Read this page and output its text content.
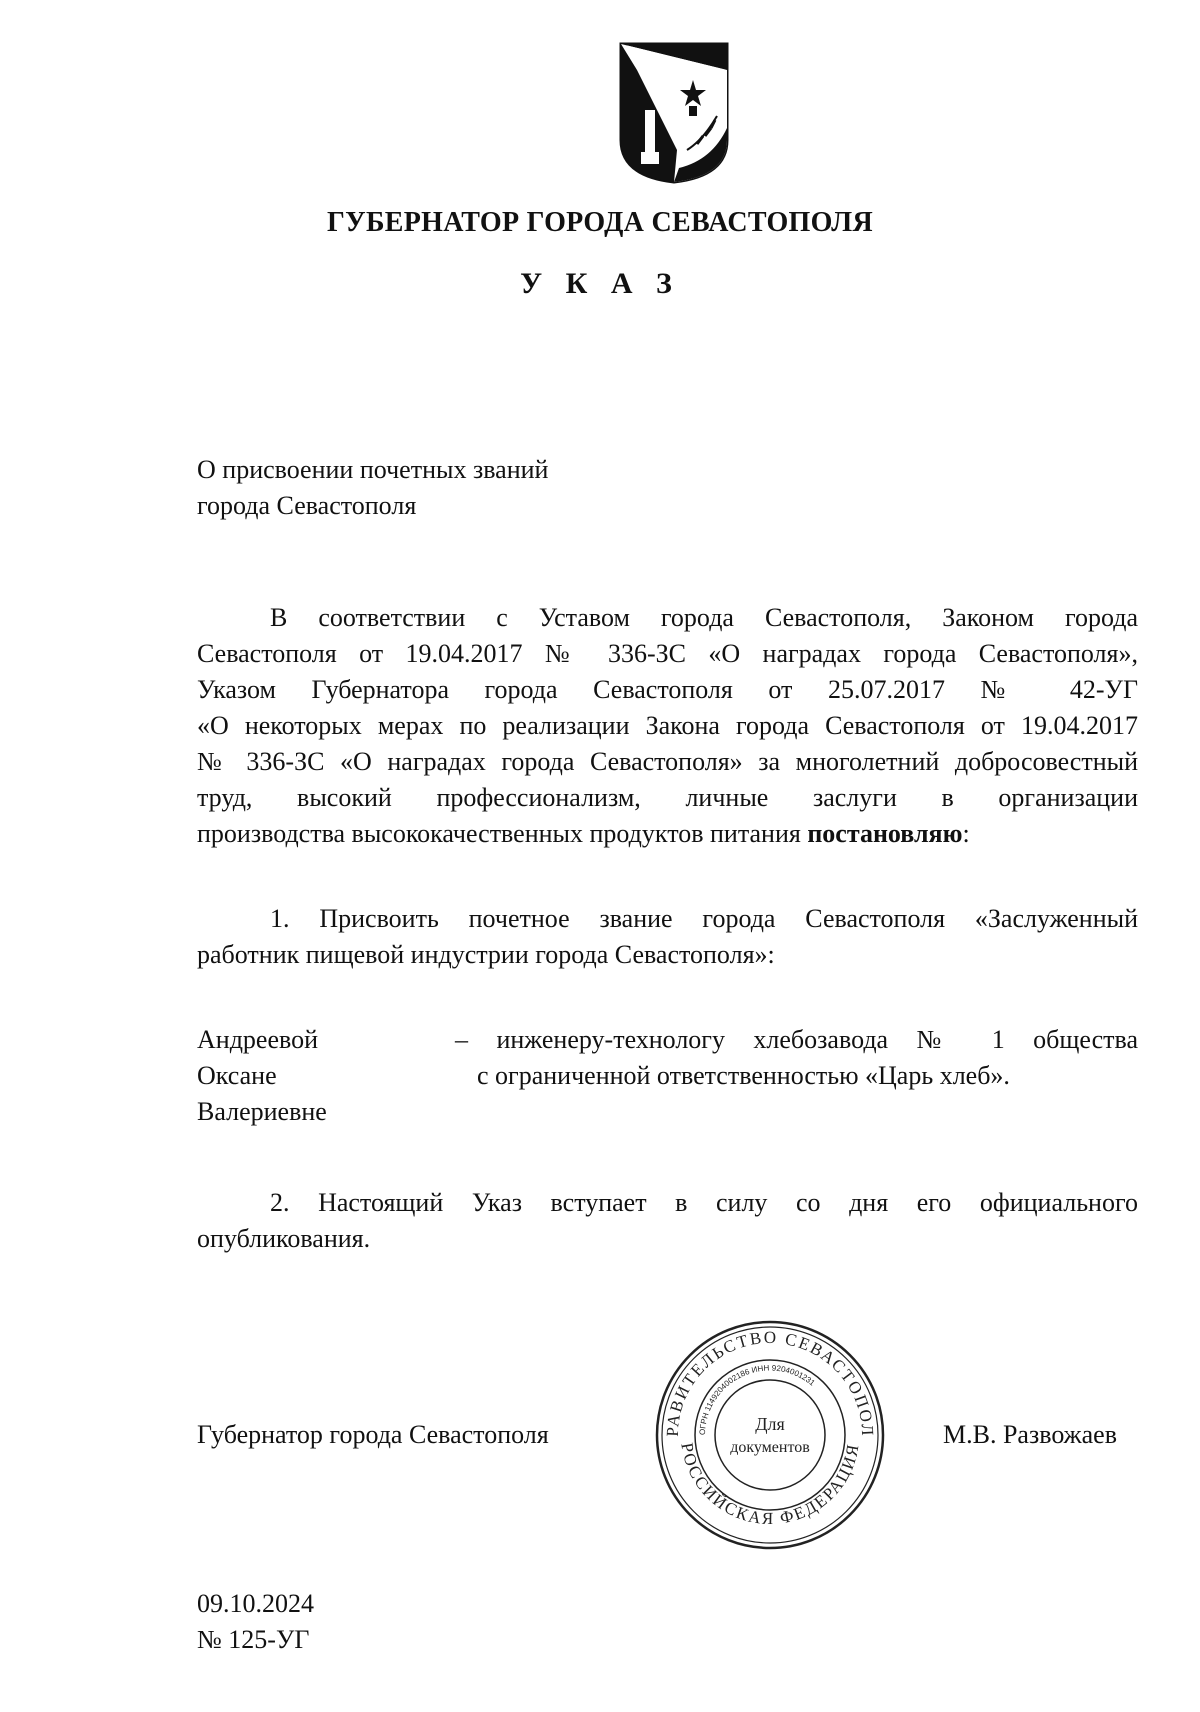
ГУБЕРНАТОР ГОРОДА СЕВАСТОПОЛЯ
У К А З
О присвоении почетных званий
города Севастополя
В соответствии с Уставом города Севастополя, Законом города
Севастополя от 19.04.2017 № 336-ЗС «О наградах города Севастополя»,
Указом Губернатора города Севастополя от 25.07.2017 № 42-УГ
«О некоторых мерах по реализации Закона города Севастополя от 19.04.2017
№ 336-ЗС «О наградах города Севастополя» за многолетний добросовестный
труд, высокий профессионализм, личные заслуги в организации
производства высококачественных продуктов питания постановляю:
1. Присвоить почетное звание города Севастополя «Заслуженный
работник пищевой индустрии города Севастополя»:
Андреевой
Оксане
Валериевне
– инженеру-технологу хлебозавода № 1 общества
с ограниченной ответственностью «Царь хлеб».
2. Настоящий Указ вступает в силу со дня его официального
опубликования.
Губернатор города Севастополя	М.В. Развожаев
РАВИТЕЛЬСТВО СЕВАСТОПОЛ
РОССИЙСКАЯ ФЕДЕРАЦИЯ
ОГРН 1149204002186 ИНН 9204001231
Для
документов
09.10.2024
№ 125-УГ
